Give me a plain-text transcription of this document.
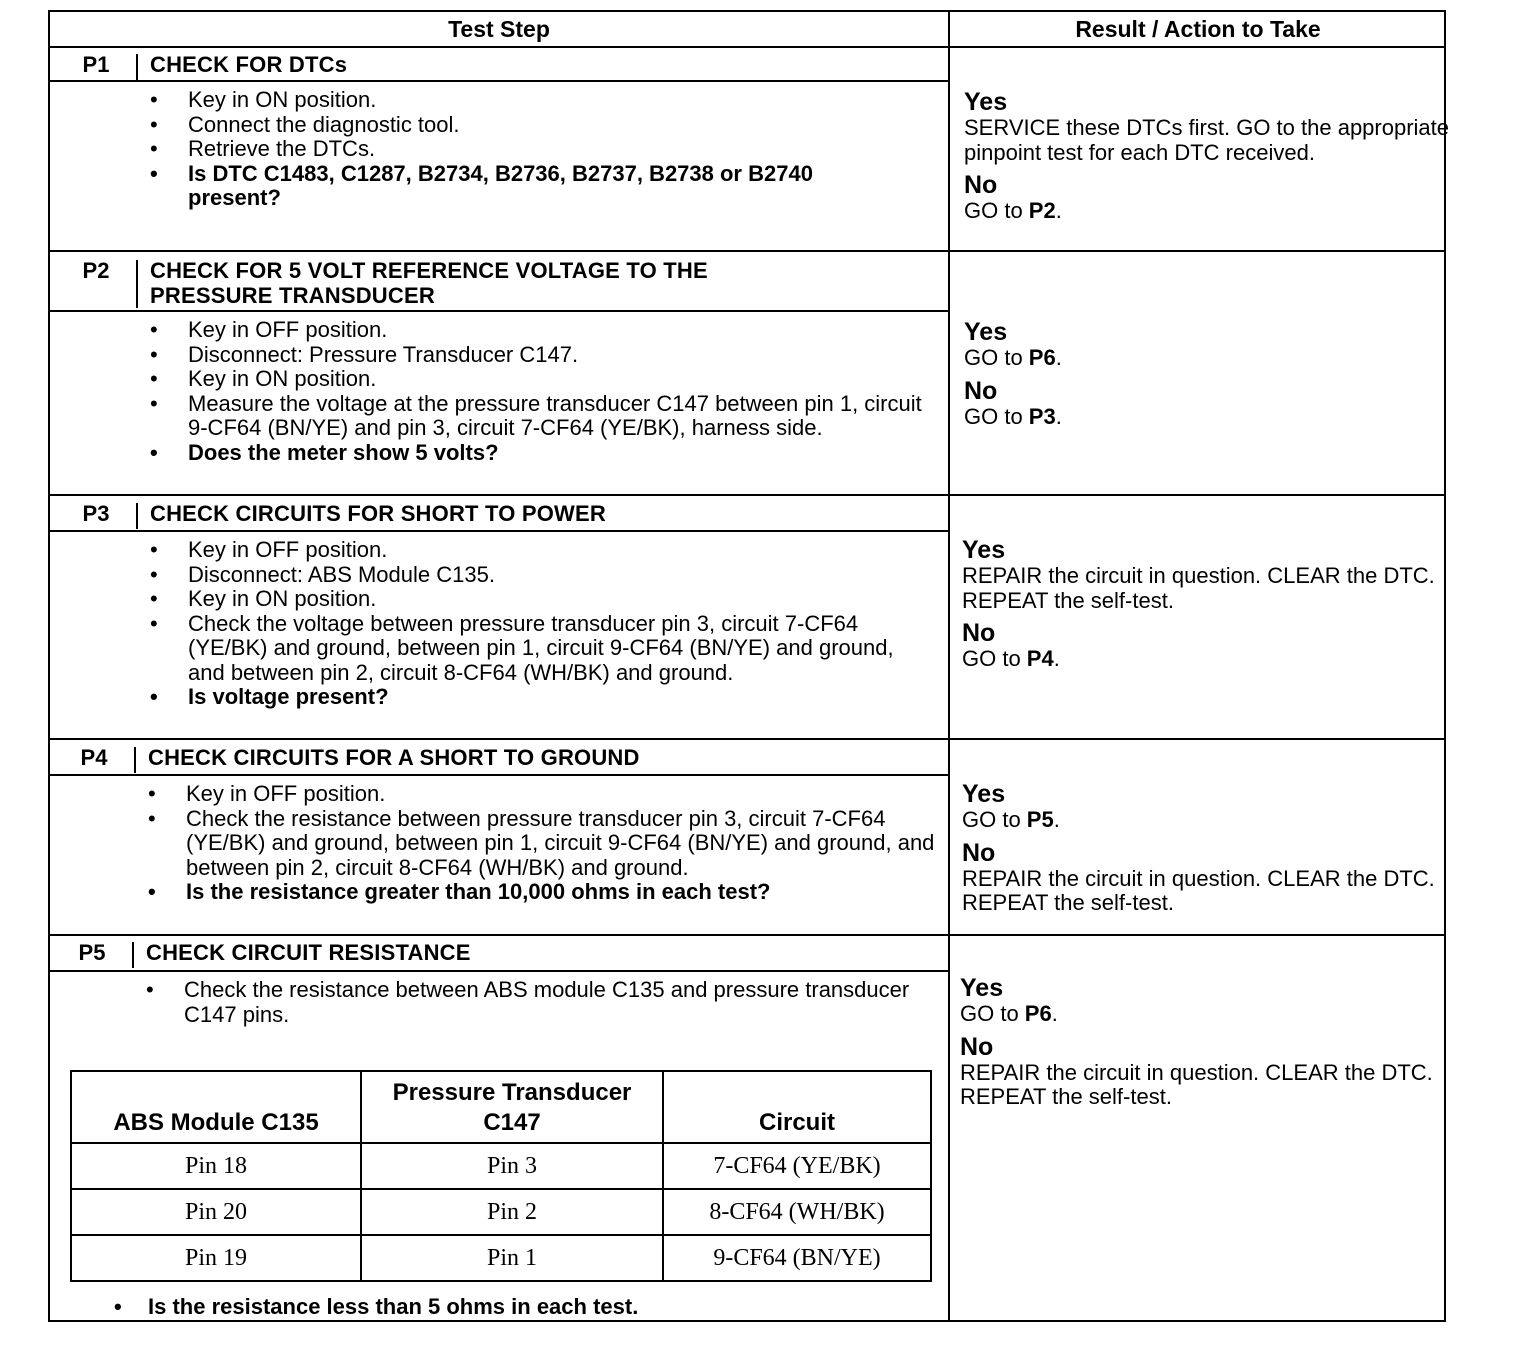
Test Step	Result / Action to Take
P1	CHECK FOR DTCs
• Key in ON position.
• Connect the diagnostic tool.
• Retrieve the DTCs.
• Is DTC C1483, C1287, B2734, B2736, B2737, B2738 or B2740
present?
Yes
SERVICE these DTCs first. GO to the appropriate pinpoint test for each DTC received.
No
GO to P2.
P2	CHECK FOR 5 VOLT REFERENCE VOLTAGE TO THE
PRESSURE TRANSDUCER
• Key in OFF position.
• Disconnect: Pressure Transducer C147.
• Key in ON position.
• Measure the voltage at the pressure transducer C147 between pin 1, circuit 9-CF64 (BN/YE) and pin 3, circuit 7-CF64 (YE/BK), harness side.
• Does the meter show 5 volts?
Yes
GO to P6.
No
GO to P3.
P3	CHECK CIRCUITS FOR SHORT TO POWER
• Key in OFF position.
• Disconnect: ABS Module C135.
• Key in ON position.
• Check the voltage between pressure transducer pin 3, circuit 7-CF64 (YE/BK) and ground, between pin 1, circuit 9-CF64 (BN/YE) and ground, and between pin 2, circuit 8-CF64 (WH/BK) and ground.
• Is voltage present?
Yes
REPAIR the circuit in question. CLEAR the DTC. REPEAT the self-test.
No
GO to P4.
P4	CHECK CIRCUITS FOR A SHORT TO GROUND
• Key in OFF position.
• Check the resistance between pressure transducer pin 3, circuit 7-CF64 (YE/BK) and ground, between pin 1, circuit 9-CF64 (BN/YE) and ground, and between pin 2, circuit 8-CF64 (WH/BK) and ground.
• Is the resistance greater than 10,000 ohms in each test?
Yes
GO to P5.
No
REPAIR the circuit in question. CLEAR the DTC. REPEAT the self-test.
P5	CHECK CIRCUIT RESISTANCE
• Check the resistance between ABS module C135 and pressure transducer C147 pins.
ABS Module C135	Pressure Transducer C147	Circuit
Pin 18	Pin 3	7-CF64 (YE/BK)
Pin 20	Pin 2	8-CF64 (WH/BK)
Pin 19	Pin 1	9-CF64 (BN/YE)
• Is the resistance less than 5 ohms in each test.
Yes
GO to P6.
No
REPAIR the circuit in question. CLEAR the DTC. REPEAT the self-test.
